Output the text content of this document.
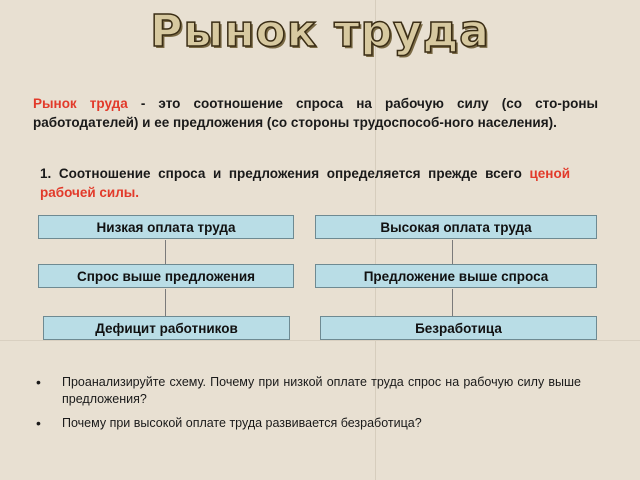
Рынок труда
Рынок труда - это соотношение спроса на рабочую силу (со сто-роны работодателей) и ее предложения (со стороны трудоспособ-ного населения).
1. Соотношение спроса и предложения определяется прежде всего ценой рабочей силы.
Низкая оплата труда
Спрос выше предложения
Дефицит работников
Высокая оплата труда
Предложение выше спроса
Безработица
• Проанализируйте схему. Почему при низкой оплате труда спрос на рабочую силу выше предложения?
• Почему при высокой оплате труда развивается безработица?
